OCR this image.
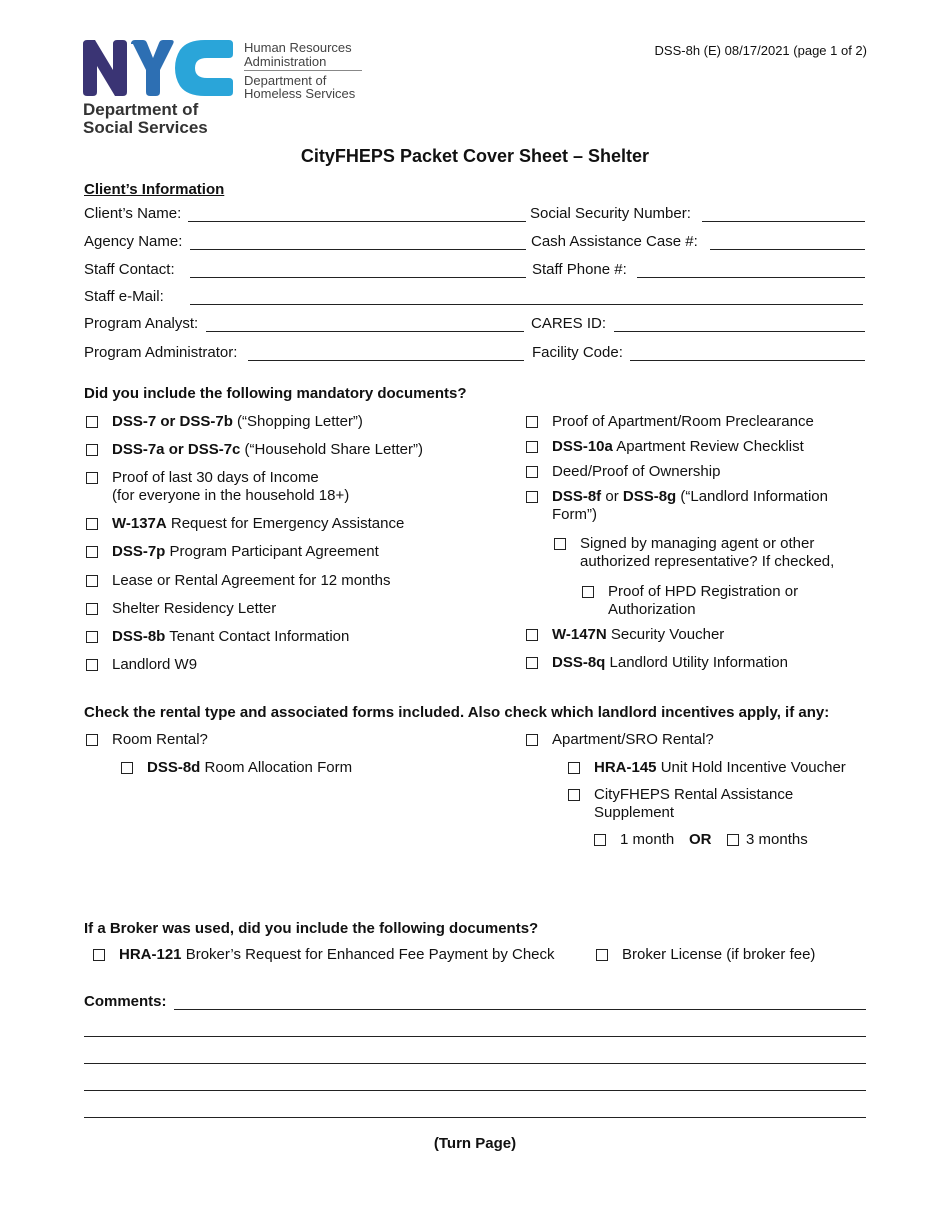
Human Resources
Administration
Department of
Homeless Services
Department of
Social Services
DSS-8h (E) 08/17/2021 (page 1 of 2)
CityFHEPS Packet Cover Sheet – Shelter
Client’s Information
Client’s Name:	Social Security Number:
Agency Name:	Cash Assistance Case #:
Staff Contact:	Staff Phone #:
Staff e-Mail:
Program Analyst:	CARES ID:
Program Administrator:	Facility Code:
Did you include the following mandatory documents?
DSS-7 or DSS-7b (“Shopping Letter”)
DSS-7a or DSS-7c (“Household Share Letter”)
Proof of last 30 days of Income
(for everyone in the household 18+)
W-137A Request for Emergency Assistance
DSS-7p Program Participant Agreement
Lease or Rental Agreement for 12 months
Shelter Residency Letter
DSS-8b Tenant Contact Information
Landlord W9
Proof of Apartment/Room Preclearance
DSS-10a Apartment Review Checklist
Deed/Proof of Ownership
DSS-8f or DSS-8g (“Landlord Information
Form”)
Signed by managing agent or other
authorized representative? If checked,
Proof of HPD Registration or
Authorization
W-147N Security Voucher
DSS-8q Landlord Utility Information
Check the rental type and associated forms included. Also check which landlord incentives apply, if any:
Room Rental?
DSS-8d Room Allocation Form
Apartment/SRO Rental?
HRA-145 Unit Hold Incentive Voucher
CityFHEPS Rental Assistance
Supplement
1 month OR 3 months
If a Broker was used, did you include the following documents?
HRA-121 Broker’s Request for Enhanced Fee Payment by Check	Broker License (if broker fee)
Comments:
(Turn Page)
